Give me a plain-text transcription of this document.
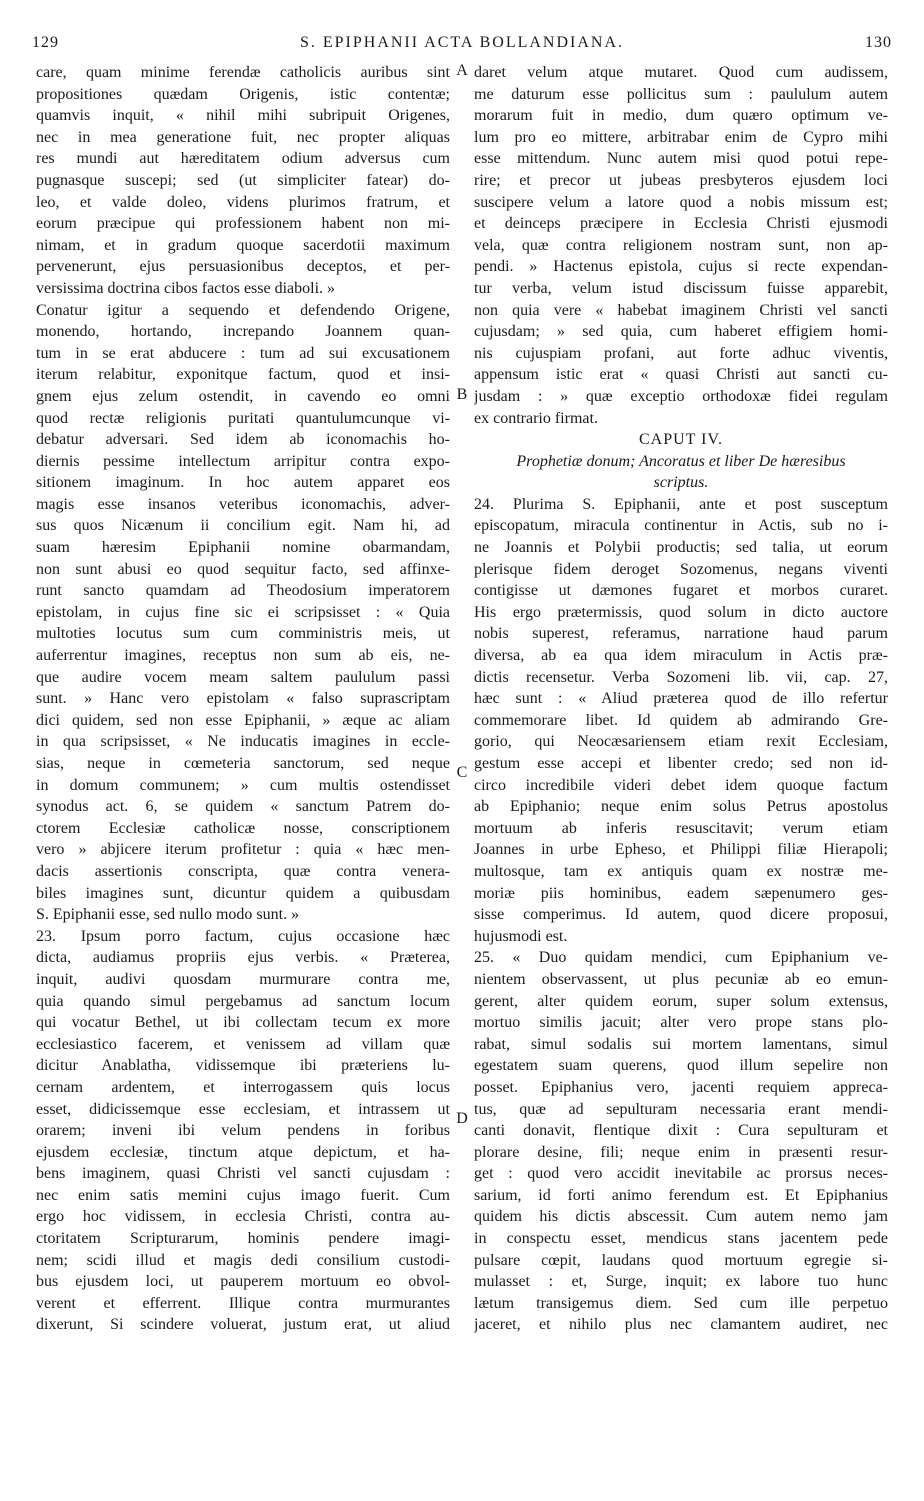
129	S. EPIPHANII ACTA BOLLANDIANA.	130
care, quam minime ferendæ catholicis auribus sint
propositiones quædam Origenis, istic contentæ;
quamvis inquit, « nihil mihi subripuit Origenes,
nec in mea generatione fuit, nec propter aliquas
res mundi aut hæreditatem odium adversus cum
pugnasque suscepi; sed (ut simpliciter fatear) do-
leo, et valde doleo, videns plurimos fratrum, et
eorum præcipue qui professionem habent non mi-
nimam, et in gradum quoque sacerdotii maximum
pervenerunt, ejus persuasionibus deceptos, et per-
versissima doctrina cibos factos esse diaboli. »
Conatur igitur a sequendo et defendendo Origene,
monendo, hortando, increpando Joannem quan-
tum in se erat abducere : tum ad sui excusationem
iterum relabitur, exponitque factum, quod et insi-
gnem ejus zelum ostendit, in cavendo eo omni
quod rectæ religionis puritati quantulumcunque vi-
debatur adversari. Sed idem ab iconomachis ho-
diernis pessime intellectum arripitur contra expo-
sitionem imaginum. In hoc autem apparet eos
magis esse insanos veteribus iconomachis, adver-
sus quos Nicænum ii concilium egit. Nam hi, ad
suam hæresim Epiphanii nomine obarmandam,
non sunt abusi eo quod sequitur facto, sed affinxe-
runt sancto quamdam ad Theodosium imperatorem
epistolam, in cujus fine sic ei scripsisset : « Quia
multoties locutus sum cum comministris meis, ut
auferrentur imagines, receptus non sum ab eis, ne-
que audire vocem meam saltem paululum passi
sunt. » Hanc vero epistolam « falso suprascriptam
dici quidem, sed non esse Epiphanii, » æque ac aliam
in qua scripsisset, « Ne inducatis imagines in eccle-
sias, neque in cœmeteria sanctorum, sed neque
in domum communem; » cum multis ostendisset
synodus act. 6, se quidem « sanctum Patrem do-
ctorem Ecclesiæ catholicæ nosse, conscriptionem
vero » abjicere iterum profitetur : quia « hæc men-
dacis assertionis conscripta, quæ contra venera-
biles imagines sunt, dicuntur quidem a quibusdam
S. Epiphanii esse, sed nullo modo sunt. »
23. Ipsum porro factum, cujus occasione hæc
dicta, audiamus propriis ejus verbis. « Præterea,
inquit, audivi quosdam murmurare contra me,
quia quando simul pergebamus ad sanctum locum
qui vocatur Bethel, ut ibi collectam tecum ex more
ecclesiastico facerem, et venissem ad villam quæ
dicitur Anablatha, vidissemque ibi præteriens lu-
cernam ardentem, et interrogassem quis locus
esset, didicissemque esse ecclesiam, et intrassem ut
orarem; inveni ibi velum pendens in foribus
ejusdem ecclesiæ, tinctum atque depictum, et ha-
bens imaginem, quasi Christi vel sancti cujusdam :
nec enim satis memini cujus imago fuerit. Cum
ergo hoc vidissem, in ecclesia Christi, contra au-
ctoritatem Scripturarum, hominis pendere imagi-
nem; scidi illud et magis dedi consilium custodi-
bus ejusdem loci, ut pauperem mortuum eo obvol-
verent et efferrent. Illique contra murmurantes
dixerunt, Si scindere voluerat, justum erat, ut aliud
daret velum atque mutaret. Quod cum audissem,
me daturum esse pollicitus sum : paululum autem
morarum fuit in medio, dum quæro optimum ve-
lum pro eo mittere, arbitrabar enim de Cypro mihi
esse mittendum. Nunc autem misi quod potui repe-
rire; et precor ut jubeas presbyteros ejusdem loci
suscipere velum a latore quod a nobis missum est;
et deinceps præcipere in Ecclesia Christi ejusmodi
vela, quæ contra religionem nostram sunt, non ap-
pendi. » Hactenus epistola, cujus si recte expendan-
tur verba, velum istud discissum fuisse apparebit,
non quia vere « habebat imaginem Christi vel sancti
cujusdam; » sed quia, cum haberet effigiem homi-
nis cujuspiam profani, aut forte adhuc viventis,
appensum istic erat « quasi Christi aut sancti cu-
jusdam : » quæ exceptio orthodoxæ fidei regulam
ex contrario firmat.
CAPUT IV.
Prophetiæ donum; Ancoratus et liber De hæresibus
scriptus.
24. Plurima S. Epiphanii, ante et post susceptum
episcopatum, miracula continentur in Actis, sub no i-
ne Joannis et Polybii productis; sed talia, ut eorum
plerisque fidem deroget Sozomenus, negans viventi
contigisse ut dæmones fugaret et morbos curaret.
His ergo prætermissis, quod solum in dicto auctore
nobis superest, referamus, narratione haud parum
diversa, ab ea qua idem miraculum in Actis præ-
dictis recensetur. Verba Sozomeni lib. vii, cap. 27,
hæc sunt : « Aliud præterea quod de illo refertur
commemorare libet. Id quidem ab admirando Gre-
gorio, qui Neocæsariensem etiam rexit Ecclesiam,
gestum esse accepi et libenter credo; sed non id-
circo incredibile videri debet idem quoque factum
ab Epiphanio; neque enim solus Petrus apostolus
mortuum ab inferis resuscitavit; verum etiam
Joannes in urbe Epheso, et Philippi filiæ Hierapoli;
multosque, tam ex antiquis quam ex nostræ me-
moriæ piis hominibus, eadem sæpenumero ges-
sisse comperimus. Id autem, quod dicere proposui,
hujusmodi est.
25. « Duo quidam mendici, cum Epiphanium ve-
nientem observassent, ut plus pecuniæ ab eo emun-
gerent, alter quidem eorum, super solum extensus,
mortuo similis jacuit; alter vero prope stans plo-
rabat, simul sodalis sui mortem lamentans, simul
egestatem suam querens, quod illum sepelire non
posset. Epiphanius vero, jacenti requiem appreca-
tus, quæ ad sepulturam necessaria erant mendi-
canti donavit, flentique dixit : Cura sepulturam et
plorare desine, fili; neque enim in præsenti resur-
get : quod vero accidit inevitabile ac prorsus neces-
sarium, id forti animo ferendum est. Et Epiphanius
quidem his dictis abscessit. Cum autem nemo jam
in conspectu esset, mendicus stans jacentem pede
pulsare cœpit, laudans quod mortuum egregie si-
mulasset : et, Surge, inquit; ex labore tuo hunc
lætum transigemus diem. Sed cum ille perpetuo
jaceret, et nihilo plus nec clamantem audiret, nec
A
B
C
D
